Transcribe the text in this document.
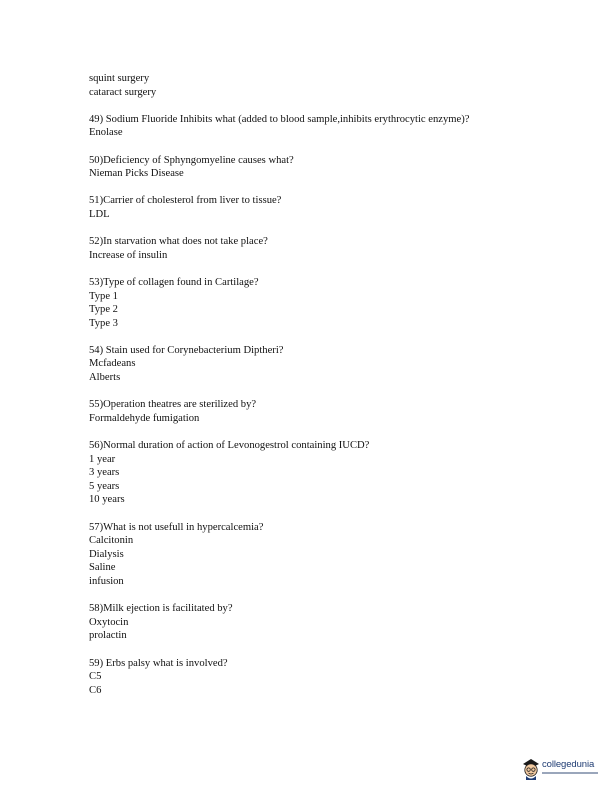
squint surgery
cataract surgery
49) Sodium Fluoride Inhibits what (added to blood sample,inhibits erythrocytic enzyme)?
Enolase
50)Deficiency of Sphyngomyeline causes what?
Nieman Picks Disease
51)Carrier of cholesterol from liver to tissue?
LDL
52)In starvation what does not take place?
Increase of insulin
53)Type of collagen found in Cartilage?
Type 1
Type 2
Type 3
54) Stain used for Corynebacterium Diptheri?
Mcfadeans
Alberts
55)Operation theatres are sterilized by?
Formaldehyde fumigation
56)Normal duration of action of Levonogestrol containing IUCD?
1 year
3 years
5 years
10 years
57)What is not usefull in hypercalcemia?
Calcitonin
Dialysis
Saline
infusion
58)Milk ejection is facilitated by?
Oxytocin
prolactin
59) Erbs palsy what is involved?
C5
C6
collegedunia
